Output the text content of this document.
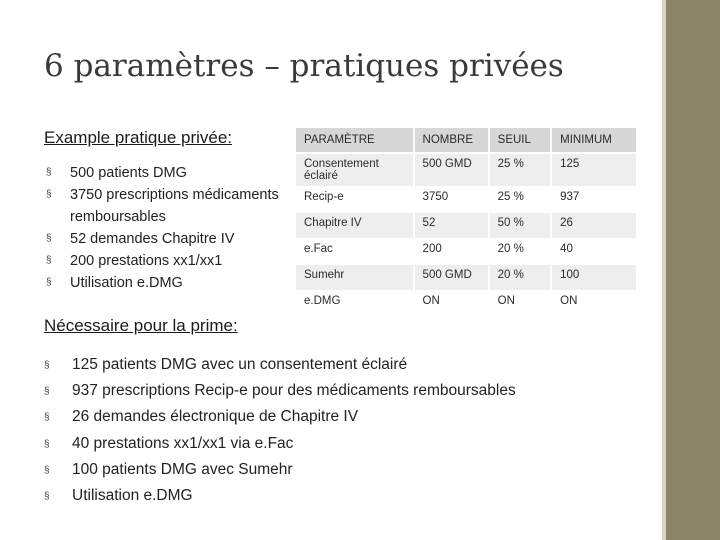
6 paramètres – pratiques privées
Example pratique privée:
§ 500 patients DMG
§ 3750 prescriptions médicaments remboursables
§ 52 demandes Chapitre IV
§ 200 prestations xx1/xx1
§ Utilisation e.DMG
PARAMÈTRE	NOMBRE	SEUIL	MINIMUM
Consentement éclairé	500 GMD	25 %	125
Recip-e	3750	25 %	937
Chapitre IV	52	50 %	26
e.Fac	200	20 %	40
Sumehr	500 GMD	20 %	100
e.DMG	ON	ON	ON
Nécessaire pour la prime:
§ 125 patients DMG avec un consentement éclairé
§ 937 prescriptions Recip-e pour des médicaments remboursables
§ 26 demandes électronique de Chapitre IV
§ 40 prestations xx1/xx1 via e.Fac
§ 100 patients DMG avec Sumehr
§ Utilisation e.DMG
